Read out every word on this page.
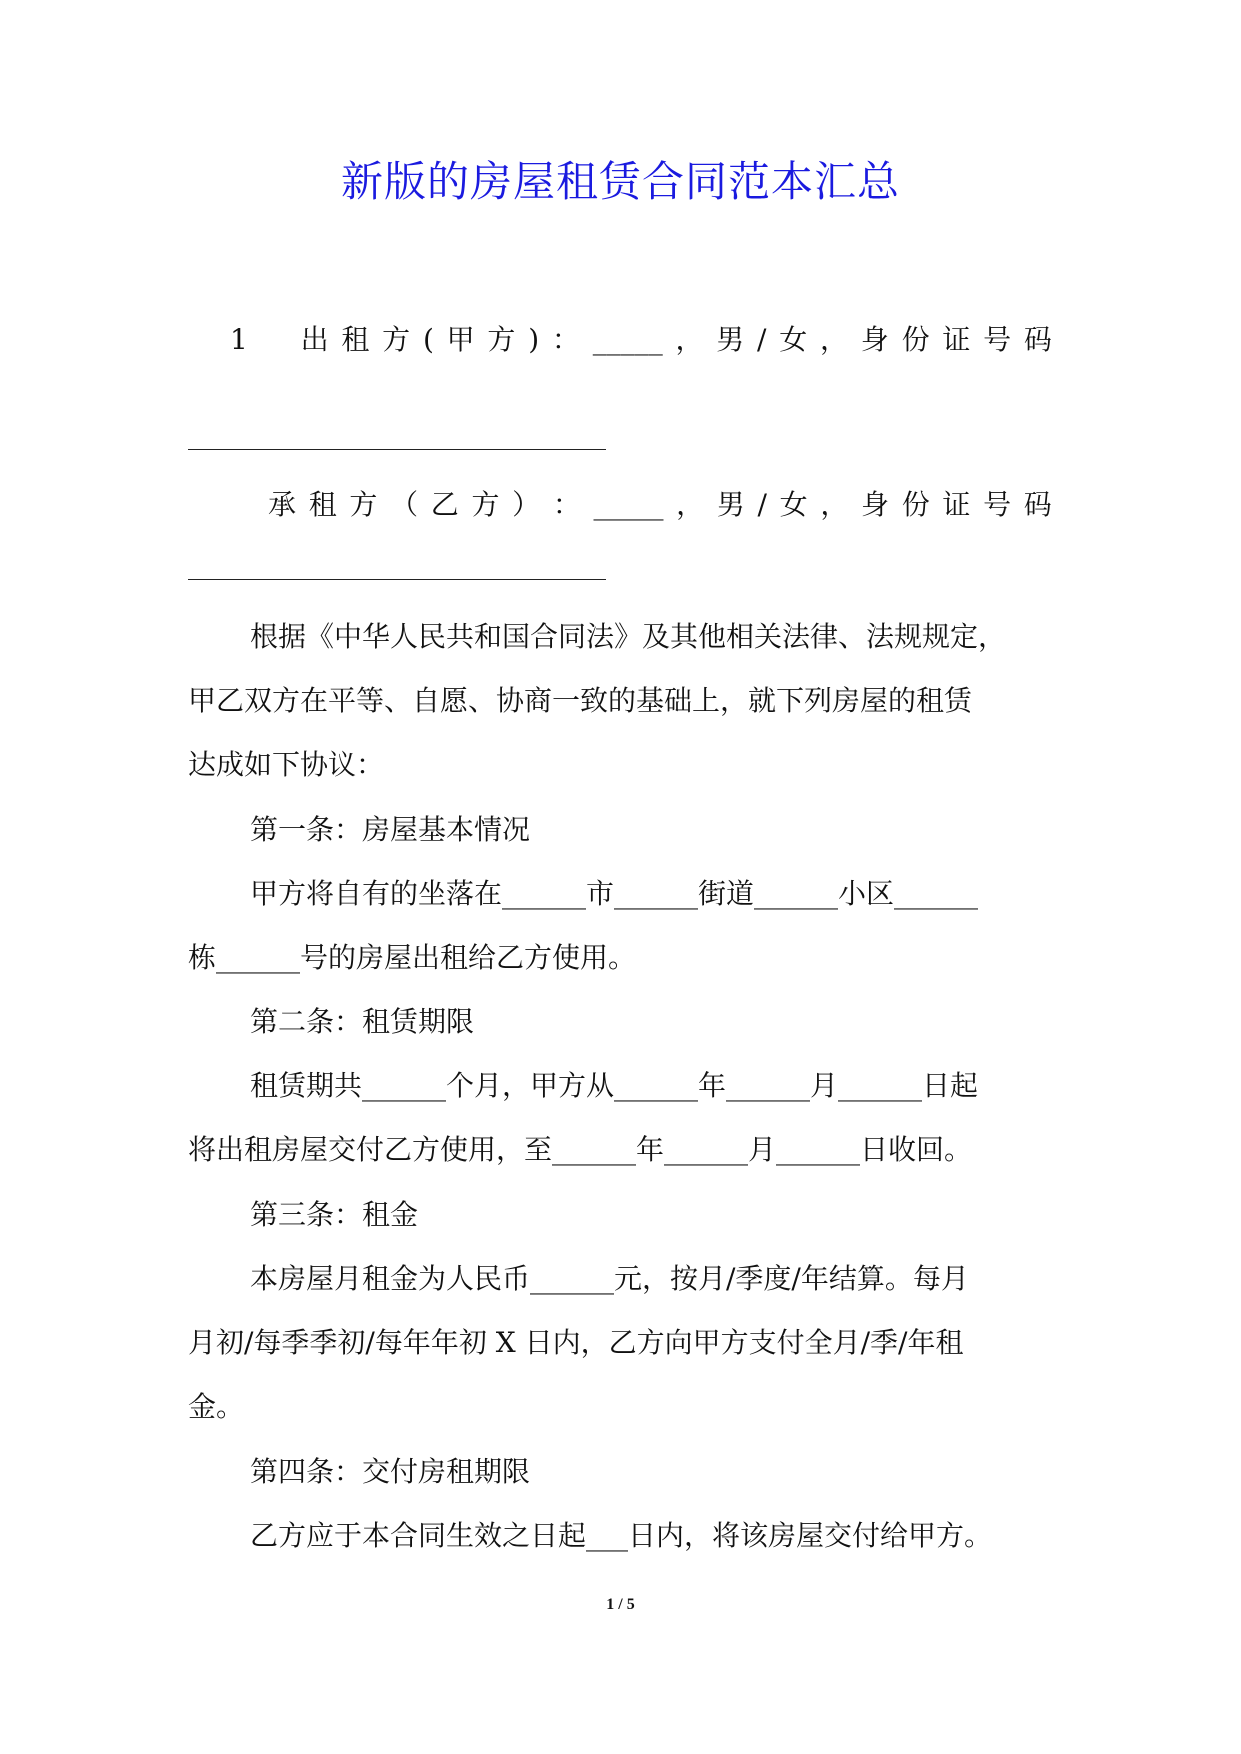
新版的房屋租赁合同范本汇总
1 出 租 方 ( 甲 方 ) ： _____ ， 男 / 女 ， 身 份 证 号 码
承 租 方 （ 乙 方 ） ： _____ ， 男 / 女 ， 身 份 证 号 码
根据《中华人民共和国合同法》及其他相关法律、法规规定，
甲乙双方在平等、自愿、协商一致的基础上，就下列房屋的租赁
达成如下协议：
第一条：房屋基本情况
甲方将自有的坐落在______市______街道______小区______
栋______号的房屋出租给乙方使用。
第二条：租赁期限
租赁期共______个月，甲方从______年______月______日起
将出租房屋交付乙方使用，至______年______月______日收回。
第三条：租金
本房屋月租金为人民币______元，按月/季度/年结算。每月
月初/每季季初/每年年初 X 日内，乙方向甲方支付全月/季/年租
金。
第四条：交付房租期限
乙方应于本合同生效之日起___日内，将该房屋交付给甲方。
1 / 5
